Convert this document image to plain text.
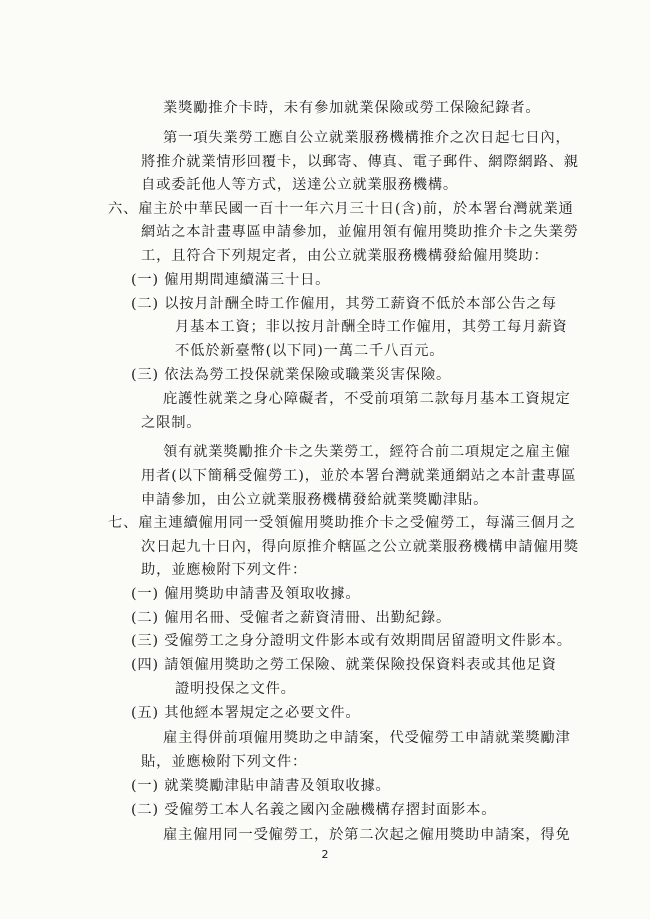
業獎勵推介卡時，未有參加就業保險或勞工保險紀錄者。
第一項失業勞工應自公立就業服務機構推介之次日起七日內，
將推介就業情形回覆卡，以郵寄、傳真、電子郵件、網際網路、親
自或委託他人等方式，送達公立就業服務機構。
六、雇主於中華民國一百十一年六月三十日(含)前，於本署台灣就業通
網站之本計畫專區申請參加，並僱用領有僱用獎助推介卡之失業勞
工，且符合下列規定者，由公立就業服務機構發給僱用獎助：
(一) 僱用期間連續滿三十日。
(二) 以按月計酬全時工作僱用，其勞工薪資不低於本部公告之每
月基本工資；非以按月計酬全時工作僱用，其勞工每月薪資
不低於新臺幣(以下同)一萬二千八百元。
(三) 依法為勞工投保就業保險或職業災害保險。
庇護性就業之身心障礙者，不受前項第二款每月基本工資規定
之限制。
領有就業獎勵推介卡之失業勞工，經符合前二項規定之雇主僱
用者(以下簡稱受僱勞工)，並於本署台灣就業通網站之本計畫專區
申請參加，由公立就業服務機構發給就業獎勵津貼。
七、雇主連續僱用同一受領僱用獎助推介卡之受僱勞工，每滿三個月之
次日起九十日內，得向原推介轄區之公立就業服務機構申請僱用獎
助，並應檢附下列文件：
(一) 僱用獎助申請書及領取收據。
(二) 僱用名冊、受僱者之薪資清冊、出勤紀錄。
(三) 受僱勞工之身分證明文件影本或有效期間居留證明文件影本。
(四) 請領僱用獎助之勞工保險、就業保險投保資料表或其他足資
證明投保之文件。
(五) 其他經本署規定之必要文件。
雇主得併前項僱用獎助之申請案，代受僱勞工申請就業獎勵津
貼，並應檢附下列文件：
(一) 就業獎勵津貼申請書及領取收據。
(二) 受僱勞工本人名義之國內金融機構存摺封面影本。
雇主僱用同一受僱勞工，於第二次起之僱用獎助申請案，得免
2
